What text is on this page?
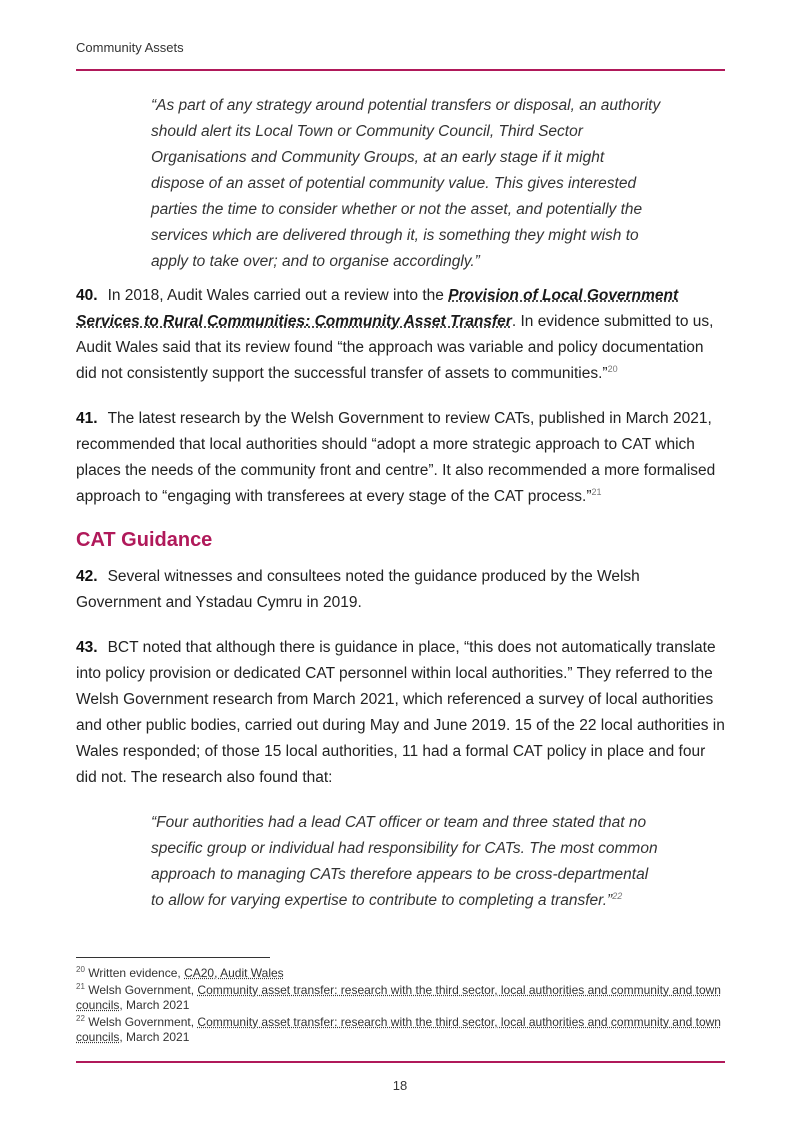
Community Assets

“As part of any strategy around potential transfers or disposal, an authority should alert its Local Town or Community Council, Third Sector Organisations and Community Groups, at an early stage if it might dispose of an asset of potential community value. This gives interested parties the time to consider whether or not the asset, and potentially the services which are delivered through it, is something they might wish to apply to take over; and to organise accordingly.”

40. In 2018, Audit Wales carried out a review into the Provision of Local Government Services to Rural Communities: Community Asset Transfer. In evidence submitted to us, Audit Wales said that its review found “the approach was variable and policy documentation did not consistently support the successful transfer of assets to communities.”$^{20}$

41. The latest research by the Welsh Government to review CATs, published in March 2021, recommended that local authorities should “adopt a more strategic approach to CAT which places the needs of the community front and centre”. It also recommended a more formalised approach to “engaging with transferees at every stage of the CAT process.”$^{21}$

CAT Guidance

42. Several witnesses and consultees noted the guidance produced by the Welsh Government and Ystadau Cymru in 2019.

43. BCT noted that although there is guidance in place, “this does not automatically translate into policy provision or dedicated CAT personnel within local authorities.” They referred to the Welsh Government research from March 2021, which referenced a survey of local authorities and other public bodies, carried out during May and June 2019. 15 of the 22 local authorities in Wales responded; of those 15 local authorities, 11 had a formal CAT policy in place and four did not. The research also found that:

“Four authorities had a lead CAT officer or team and three stated that no specific group or individual had responsibility for CATs. The most common approach to managing CATs therefore appears to be cross-departmental to allow for varying expertise to contribute to completing a transfer.”$^{22}$

$^{20}$ Written evidence, CA20, Audit Wales

$^{21}$ Welsh Government, Community asset transfer: research with the third sector, local authorities and community and town councils, March 2021

$^{22}$ Welsh Government, Community asset transfer: research with the third sector, local authorities and community and town councils, March 2021

18
